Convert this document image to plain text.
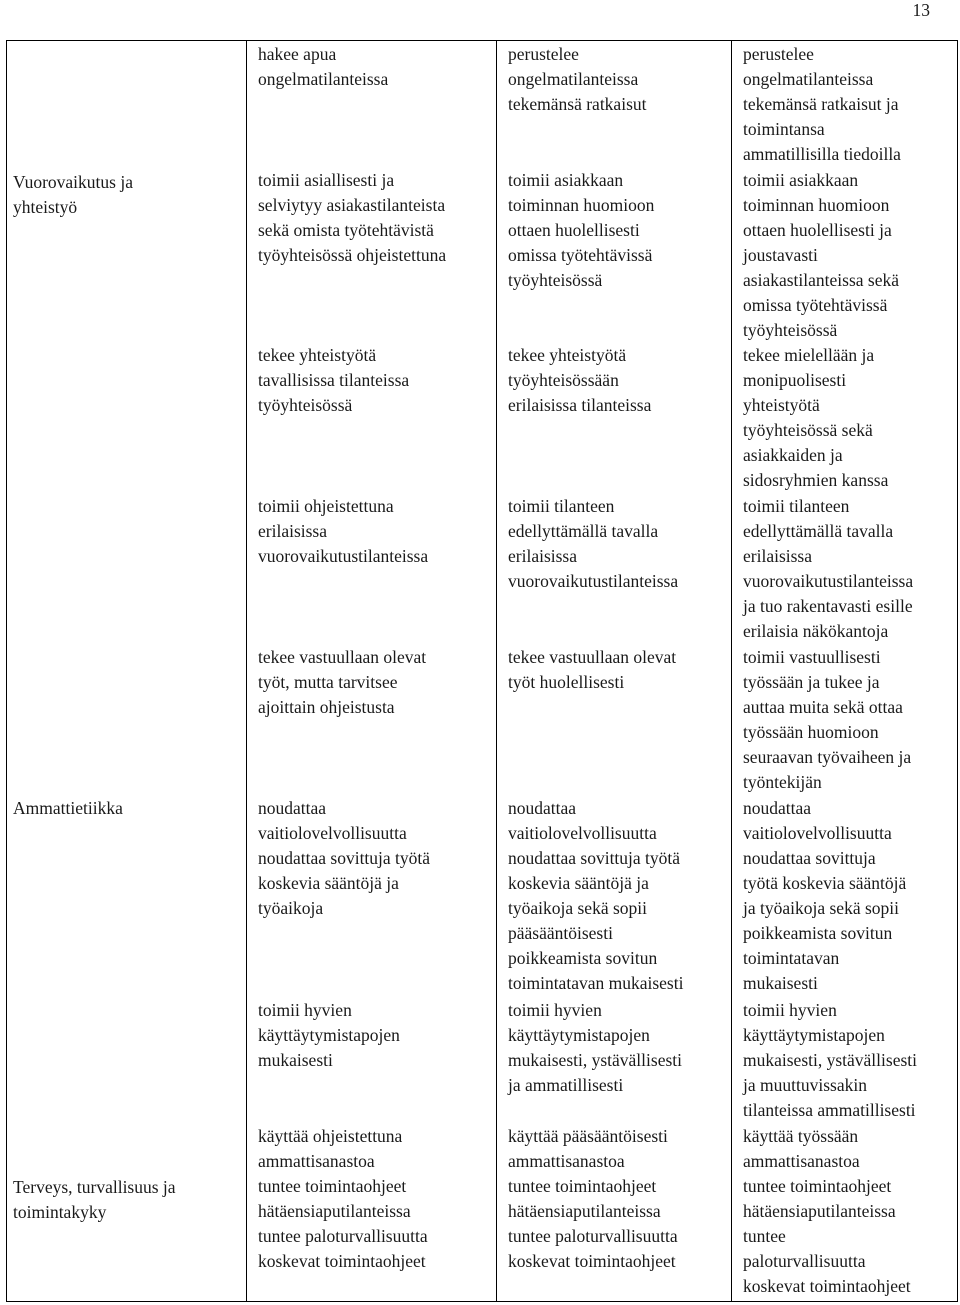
13
Vuorovaikutus ja
yhteistyö
Ammattietiikka
Terveys, turvallisuus ja
toimintakyky
hakee apua
ongelmatilanteissa
toimii asiallisesti ja
selviytyy asiakastilanteista
sekä omista työtehtävistä
työyhteisössä ohjeistettuna
tekee yhteistyötä
tavallisissa tilanteissa
työyhteisössä
toimii ohjeistettuna
erilaisissa
vuorovaikutustilanteissa
tekee vastuullaan olevat
työt, mutta tarvitsee
ajoittain ohjeistusta
noudattaa
vaitiolovelvollisuutta
noudattaa sovittuja työtä
koskevia sääntöjä ja
työaikoja
toimii hyvien
käyttäytymistapojen
mukaisesti
käyttää ohjeistettuna
ammattisanastoa
tuntee toimintaohjeet
hätäensiaputilanteissa
tuntee paloturvallisuutta
koskevat toimintaohjeet
perustelee
ongelmatilanteissa
tekemänsä ratkaisut
toimii asiakkaan
toiminnan huomioon
ottaen huolellisesti
omissa työtehtävissä
työyhteisössä
tekee yhteistyötä
työyhteisössään
erilaisissa tilanteissa
toimii tilanteen
edellyttämällä tavalla
erilaisissa
vuorovaikutustilanteissa
tekee vastuullaan olevat
työt huolellisesti
noudattaa
vaitiolovelvollisuutta
noudattaa sovittuja työtä
koskevia sääntöjä ja
työaikoja sekä sopii
pääsääntöisesti
poikkeamista sovitun
toimintatavan mukaisesti
toimii hyvien
käyttäytymistapojen
mukaisesti, ystävällisesti
ja ammatillisesti
käyttää pääsääntöisesti
ammattisanastoa
tuntee toimintaohjeet
hätäensiaputilanteissa
tuntee paloturvallisuutta
koskevat toimintaohjeet
perustelee
ongelmatilanteissa
tekemänsä ratkaisut ja
toimintansa
ammatillisilla tiedoilla
toimii asiakkaan
toiminnan huomioon
ottaen huolellisesti ja
joustavasti
asiakastilanteissa sekä
omissa työtehtävissä
työyhteisössä
tekee mielellään ja
monipuolisesti
yhteistyötä
työyhteisössä sekä
asiakkaiden ja
sidosryhmien kanssa
toimii tilanteen
edellyttämällä tavalla
erilaisissa
vuorovaikutustilanteissa
ja tuo rakentavasti esille
erilaisia näkökantoja
toimii vastuullisesti
työssään ja tukee ja
auttaa muita sekä ottaa
työssään huomioon
seuraavan työvaiheen ja
työntekijän
noudattaa
vaitiolovelvollisuutta
noudattaa sovittuja
työtä koskevia sääntöjä
ja työaikoja sekä sopii
poikkeamista sovitun
toimintatavan
mukaisesti
toimii hyvien
käyttäytymistapojen
mukaisesti, ystävällisesti
ja muuttuvissakin
tilanteissa ammatillisesti
käyttää työssään
ammattisanastoa
tuntee toimintaohjeet
hätäensiaputilanteissa
tuntee
paloturvallisuutta
koskevat toimintaohjeet
